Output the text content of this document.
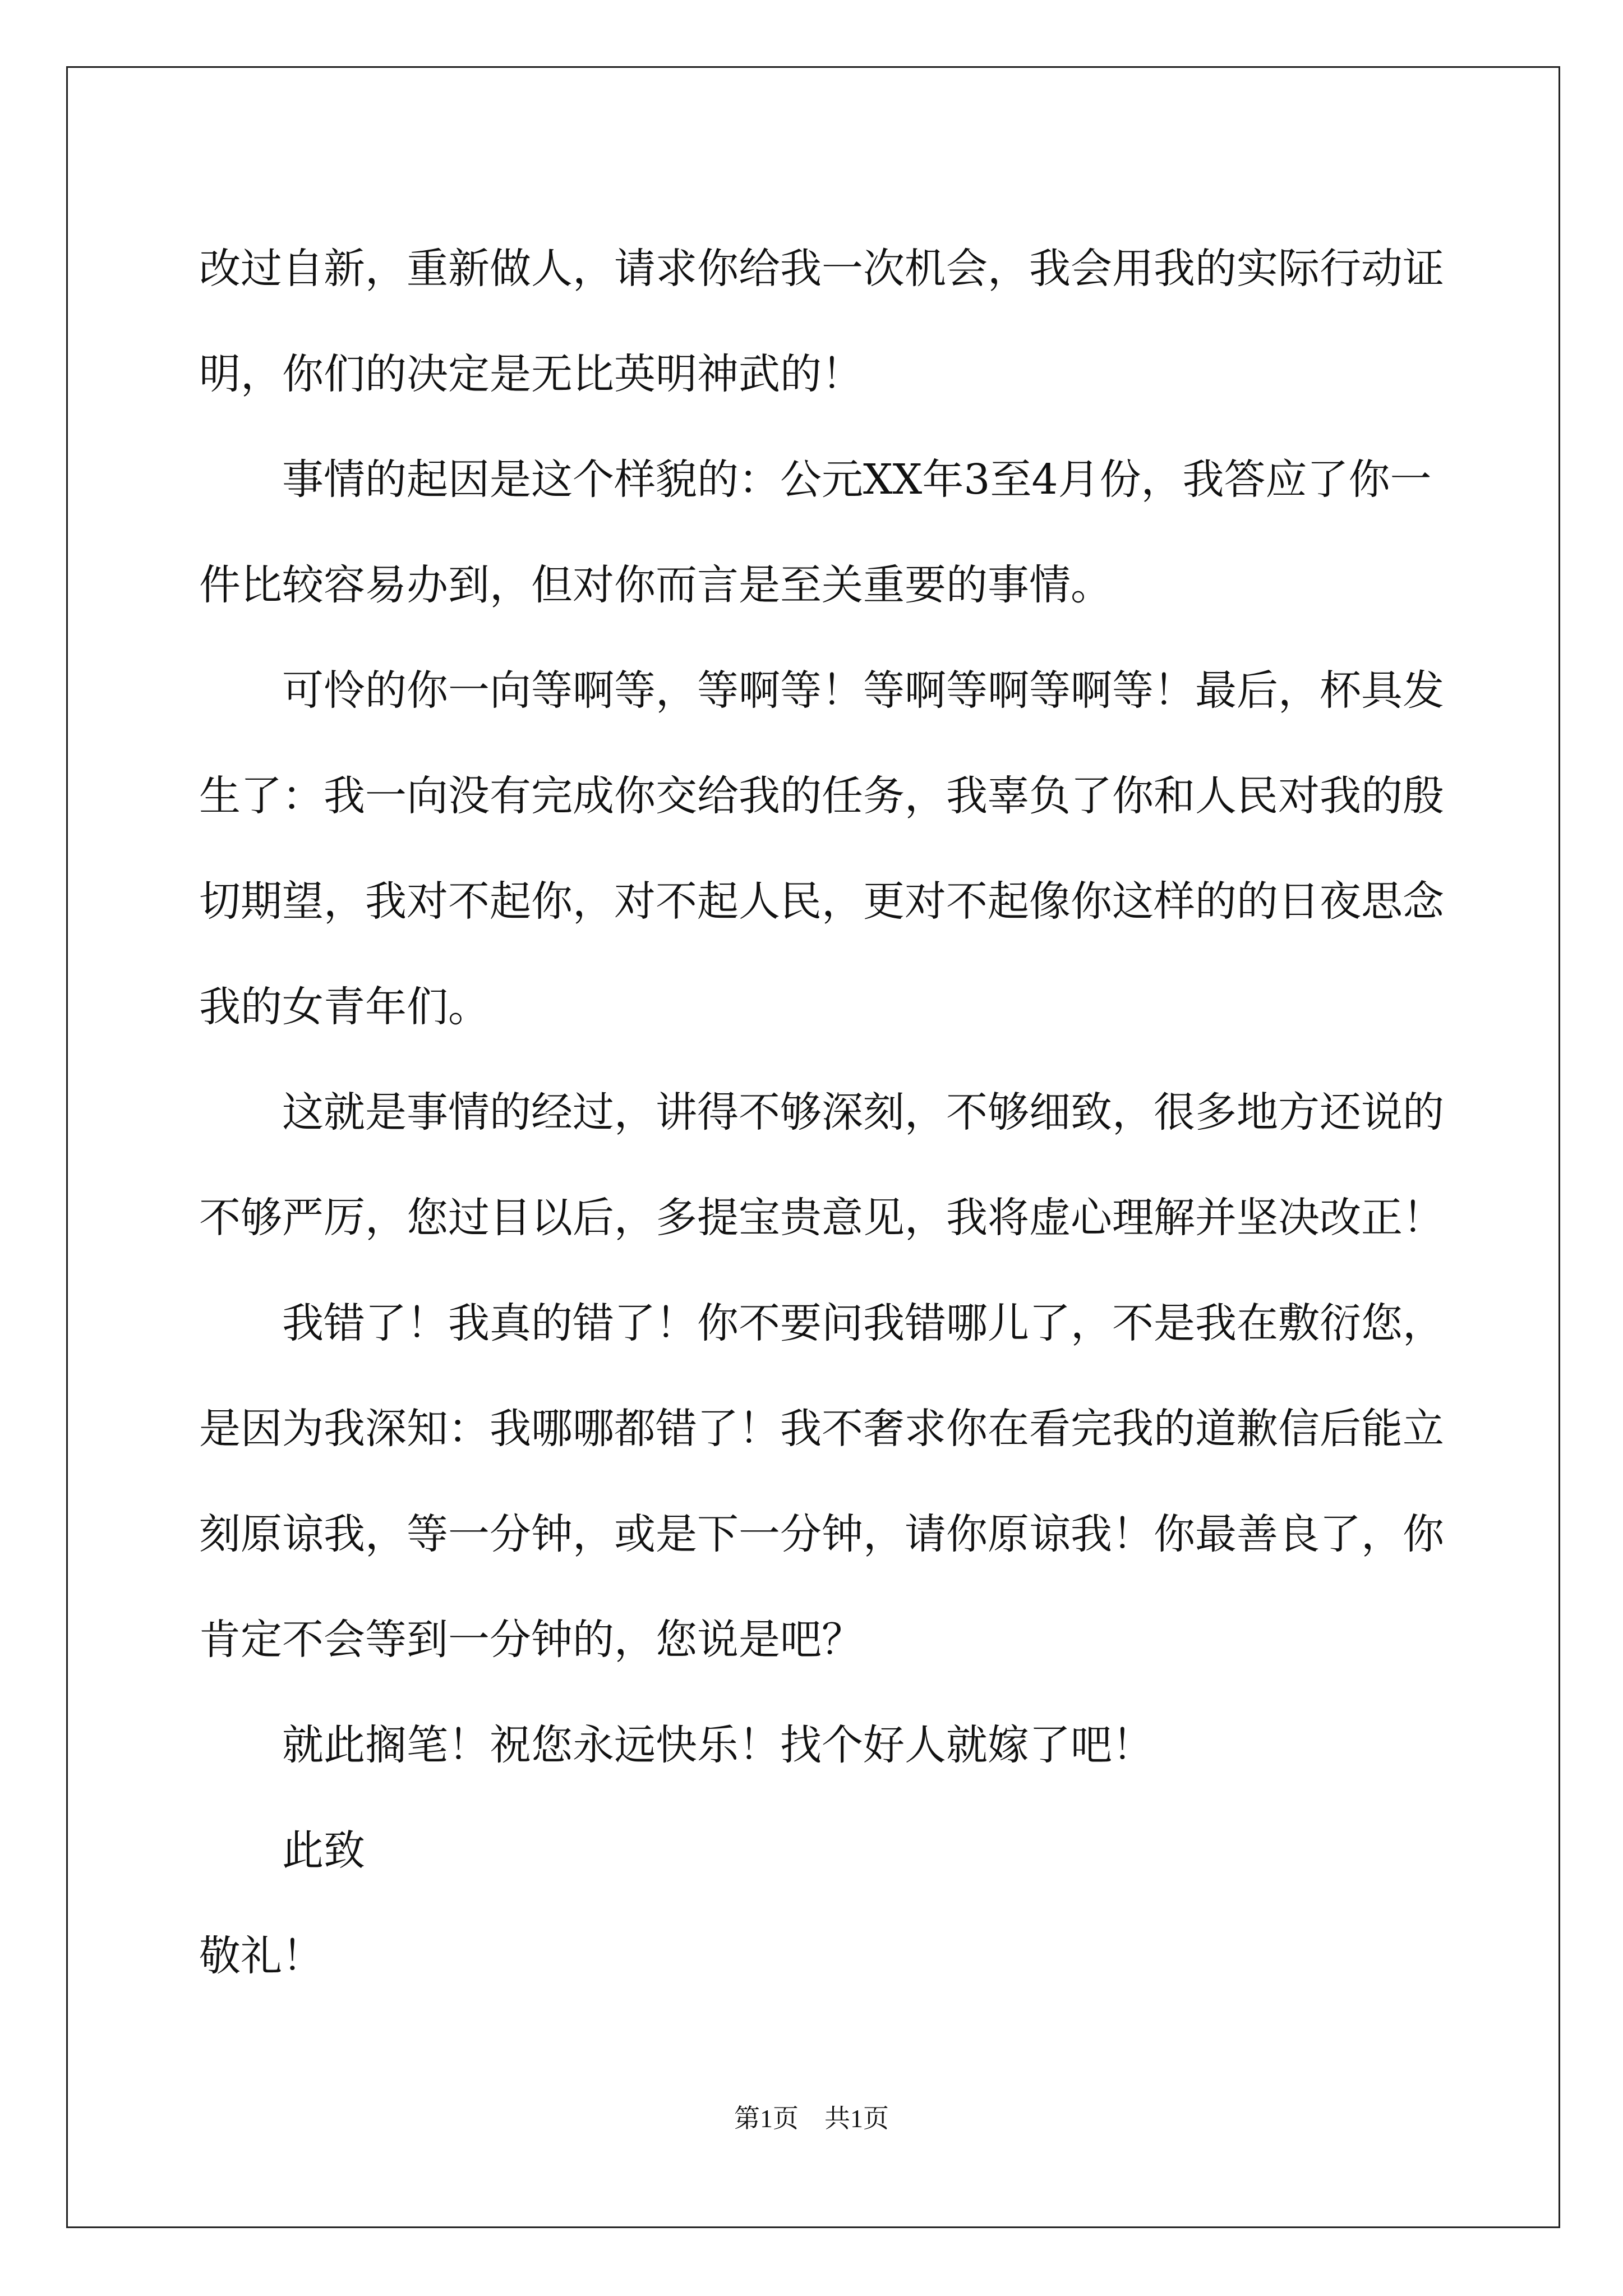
改过自新，重新做人，请求你给我一次机会，我会用我的实际行动证
明，你们的决定是无比英明神武的！
事情的起因是这个样貌的：公元XX年3至4月份，我答应了你一
件比较容易办到，但对你而言是至关重要的事情。
可怜的你一向等啊等，等啊等！等啊等啊等啊等！最后，杯具发
生了：我一向没有完成你交给我的任务，我辜负了你和人民对我的殷
切期望，我对不起你，对不起人民，更对不起像你这样的的日夜思念
我的女青年们。
这就是事情的经过，讲得不够深刻，不够细致，很多地方还说的
不够严厉，您过目以后，多提宝贵意见，我将虚心理解并坚决改正！
我错了！我真的错了！你不要问我错哪儿了，不是我在敷衍您，
是因为我深知：我哪哪都错了！我不奢求你在看完我的道歉信后能立
刻原谅我，等一分钟，或是下一分钟，请你原谅我！你最善良了，你
肯定不会等到一分钟的，您说是吧？
就此搁笔！祝您永远快乐！找个好人就嫁了吧！
此致
敬礼！
第1页 共1页
